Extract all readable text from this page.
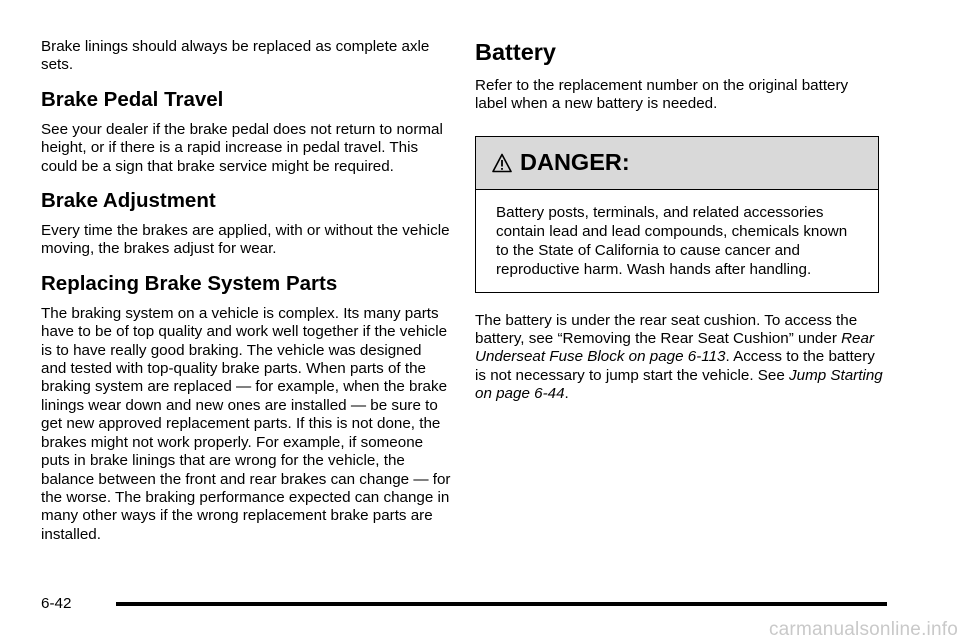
Brake linings should always be replaced as complete axle sets.

Brake Pedal Travel

See your dealer if the brake pedal does not return to normal height, or if there is a rapid increase in pedal travel. This could be a sign that brake service might be required.

Brake Adjustment

Every time the brakes are applied, with or without the vehicle moving, the brakes adjust for wear.

Replacing Brake System Parts

The braking system on a vehicle is complex. Its many parts have to be of top quality and work well together if the vehicle is to have really good braking. The vehicle was designed and tested with top-quality brake parts. When parts of the braking system are replaced — for example, when the brake linings wear down and new ones are installed — be sure to get new approved replacement parts. If this is not done, the brakes might not work properly. For example, if someone puts in brake linings that are wrong for the vehicle, the balance between the front and rear brakes can change — for the worse. The braking performance expected can change in many other ways if the wrong replacement brake parts are installed.

Battery

Refer to the replacement number on the original battery label when a new battery is needed.

DANGER:

Battery posts, terminals, and related accessories contain lead and lead compounds, chemicals known to the State of California to cause cancer and reproductive harm. Wash hands after handling.

The battery is under the rear seat cushion. To access the battery, see “Removing the Rear Seat Cushion” under Rear Underseat Fuse Block on page 6‑113. Access to the battery is not necessary to jump start the vehicle. See Jump Starting on page 6‑44.

6-42
carmanualsonline.info
